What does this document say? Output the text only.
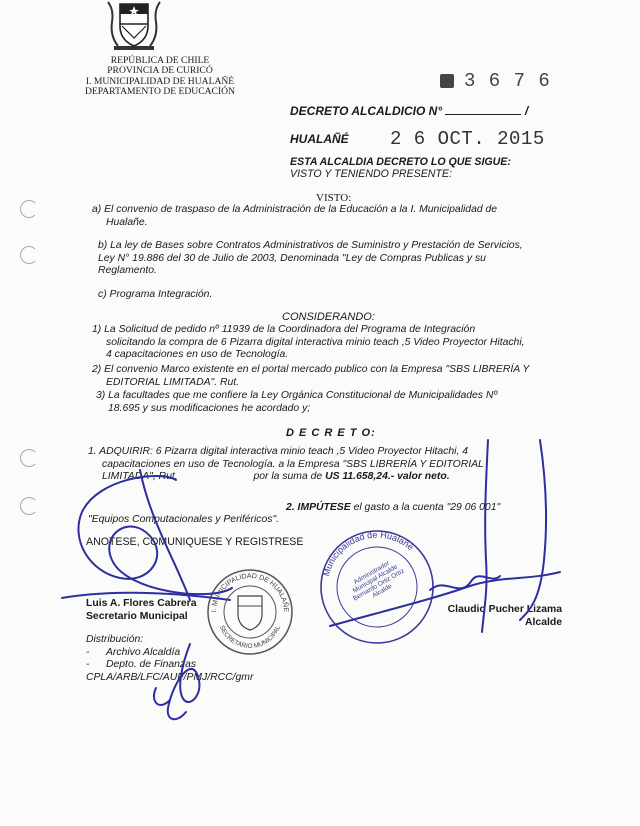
REPÚBLICA DE CHILE
PROVINCIA DE CURICÓ
I. MUNICIPALIDAD DE HUALAÑÉ
DEPARTAMENTO DE EDUCACIÓN	3 6 7 6
DECRETO ALCALDICIO N°	/
HUALAÑÉ 2 6 OCT. 2015
ESTA ALCALDIA DECRETO LO QUE SIGUE:
VISTO Y TENIENDO PRESENTE:
VISTO:
a) El convenio de traspaso de la Administración de la Educación a la I. Municipalidad de
Hualañe.
b) La ley de Bases sobre Contratos Administrativos de Suministro y Prestación de Servicios,
Ley N° 19.886 del 30 de Julio de 2003, Denominada "Ley de Compras Publicas y su
Reglamento.
c) Programa Integración.
CONSIDERANDO:
1) La Solicitud de pedido nº 11939 de la Coordinadora del Programa de Integración
solicitando la compra de 6 Pizarra digital interactiva minio teach ,5 Video Proyector Hitachi,
4 capacitaciones en uso de Tecnología.
2) El convenio Marco existente en el portal mercado publico con la Empresa "SBS LIBRERÍA Y
EDITORIAL LIMITADA". Rut.
3) La facultades que me confiere la Ley Orgánica Constitucional de Municipalidades Nº
18.695 y sus modificaciones he acordado y;
D E C R E T O:
1. ADQUIRIR: 6 Pizarra digital interactiva minio teach ,5 Video Proyector Hitachi, 4
capacitaciones en uso de Tecnología. a la Empresa "SBS LIBRERÍA Y EDITORIAL
LIMITADA", Rut.	por la suma de US 11.658,24.- valor neto.
2. IMPÚTESE el gasto a la cuenta "29 06 001"
"Equipos Computacionales y Periféricos".
ANOTESE, COMUNIQUESE Y REGISTRESE
Luis A. Flores Cabrera
Secretario Municipal
Claudio Pucher Lizama
Alcalde
Distribución:
- Archivo Alcaldía
- Depto. de Finanzas
CPLA/ARB/LFC/AUF/PMJ/RCC/gmr
I. MUNICIPALIDAD DE HUALAÑE
SECRETARIO MUNICIPAL
Municipalidad de Hualañé
Administrador Municipal Alcalde Bernardo Ortiz Ortiz Alcalde
